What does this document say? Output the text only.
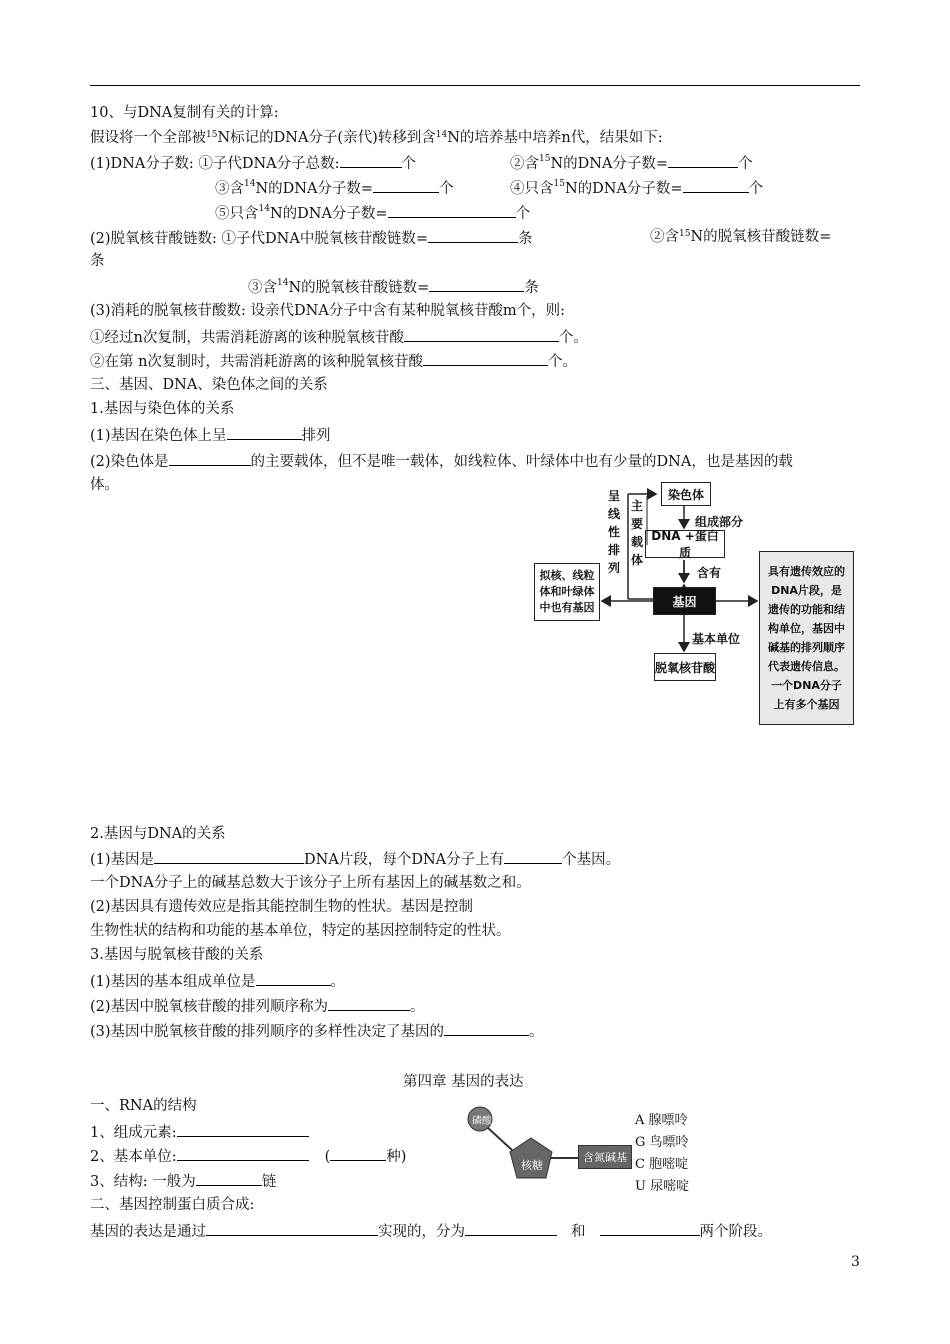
10、与DNA复制有关的计算:
假设将一个全部被$^{15}$N标记的DNA分子(亲代)转移到含$^{14}$N的培养基中培养n代，结果如下:
(1)DNA分子数: ①子代DNA分子总数:	个	②含$^{15}$N的DNA分子数=	个
③含$^{14}$N的DNA分子数=	个	④只含$^{15}$N的DNA分子数=	个
⑤只含$^{14}$N的DNA分子数=	个
(2)脱氧核苷酸链数: ①子代DNA中脱氧核苷酸链数=	条	②含$^{15}$N的脱氧核苷酸链数=
条
③含$^{14}$N的脱氧核苷酸链数=	条
(3)消耗的脱氧核苷酸数: 设亲代DNA分子中含有某种脱氧核苷酸m个，则:
①经过n次复制，共需消耗游离的该种脱氧核苷酸	个。
②在第 n次复制时，共需消耗游离的该种脱氧核苷酸	个。
三、基因、DNA、染色体之间的关系
1.基因与染色体的关系
(1)基因在染色体上呈	排列
(2)染色体是	的主要载体，但不是唯一载体，如线粒体、叶绿体中也有少量的DNA，也是基因的载
体。
染色体
DNA +蛋白质
基因
脱氧核苷酸
拟核、线粒体和叶绿体中也有基因
具有遗传效应的DNA片段，是遗传的功能和结构单位，基因中碱基的排列顺序代表遗传信息。一个DNA分子上有多个基因
呈线性排列
主要载体
组成部分
含有
基本单位
2.基因与DNA的关系
(1)基因是	DNA片段，每个DNA分子上有	个基因。
一个DNA分子上的碱基总数大于该分子上所有基因上的碱基数之和。
(2)基因具有遗传效应是指其能控制生物的性状。基因是控制
生物性状的结构和功能的基本单位，特定的基因控制特定的性状。
3.基因与脱氧核苷酸的关系
(1)基因的基本组成单位是	。
(2)基因中脱氧核苷酸的排列顺序称为	。
(3)基因中脱氧核苷酸的排列顺序的多样性决定了基因的	。
第四章 基因的表达
一、RNA的结构
1、组成元素:
2、基本单位:	(	种)
3、结构: 一般为	链
二、基因控制蛋白质合成:
基因的表达是通过	实现的，分为	和	两个阶段。
磷酸
核糖
含氮碱基
A 腺嘌呤
G 鸟嘌呤
C 胞嘧啶
U 尿嘧啶
3
